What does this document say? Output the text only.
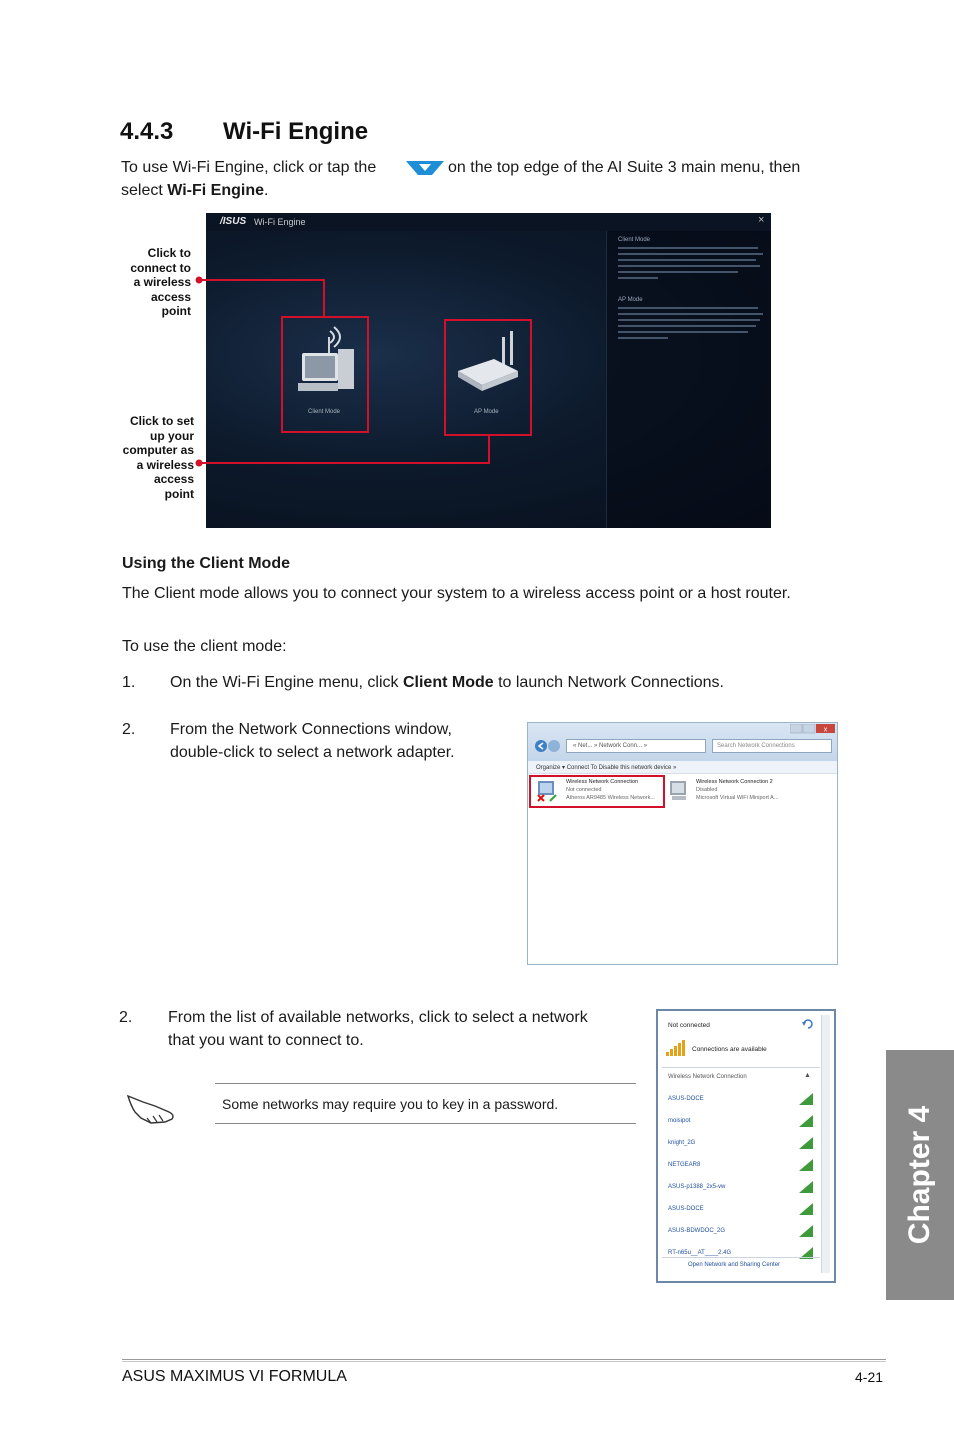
4.4.3 Wi-Fi Engine
To use Wi-Fi Engine, click or tap the	on the top edge of the AI Suite 3 main menu, then
select Wi-Fi Engine.
/ISUS Wi-Fi Engine	×
Client Mode
AP Mode
Client Mode	AP Mode
Click to
connect to
a wireless
access
point
Click to set
up your
computer as
a wireless
access
point
Using the Client Mode
The Client mode allows you to connect your system to a wireless access point or a host router.
To use the client mode:
1. On the Wi-Fi Engine menu, click Client Mode to launch Network Connections.
2. From the Network Connections window,
double-click to select a network adapter.
x
« Net... » Network Conn... »	Search Network Connections
Organize ▾ Connect To Disable this network device »
Wireless Network Connection
Not connected
Atheros AR9485 Wireless Network...
Wireless Network Connection 2
Disabled
Microsoft Virtual WiFi Miniport A...
2. From the list of available networks, click to select a network
that you want to connect to.
Not connected
Connections are available
Wireless Network Connection	▲
ASUS-DOCE
moisipot
knight_2G
NETGEAR8
ASUS-p1388_2x5-vw
ASUS-DOCE
ASUS-BDWDOC_2G
RT-n65u__AT____2.4G
Open Network and Sharing Center
Some networks may require you to key in a password.
Chapter 4
ASUS MAXIMUS VI FORMULA	4-21
